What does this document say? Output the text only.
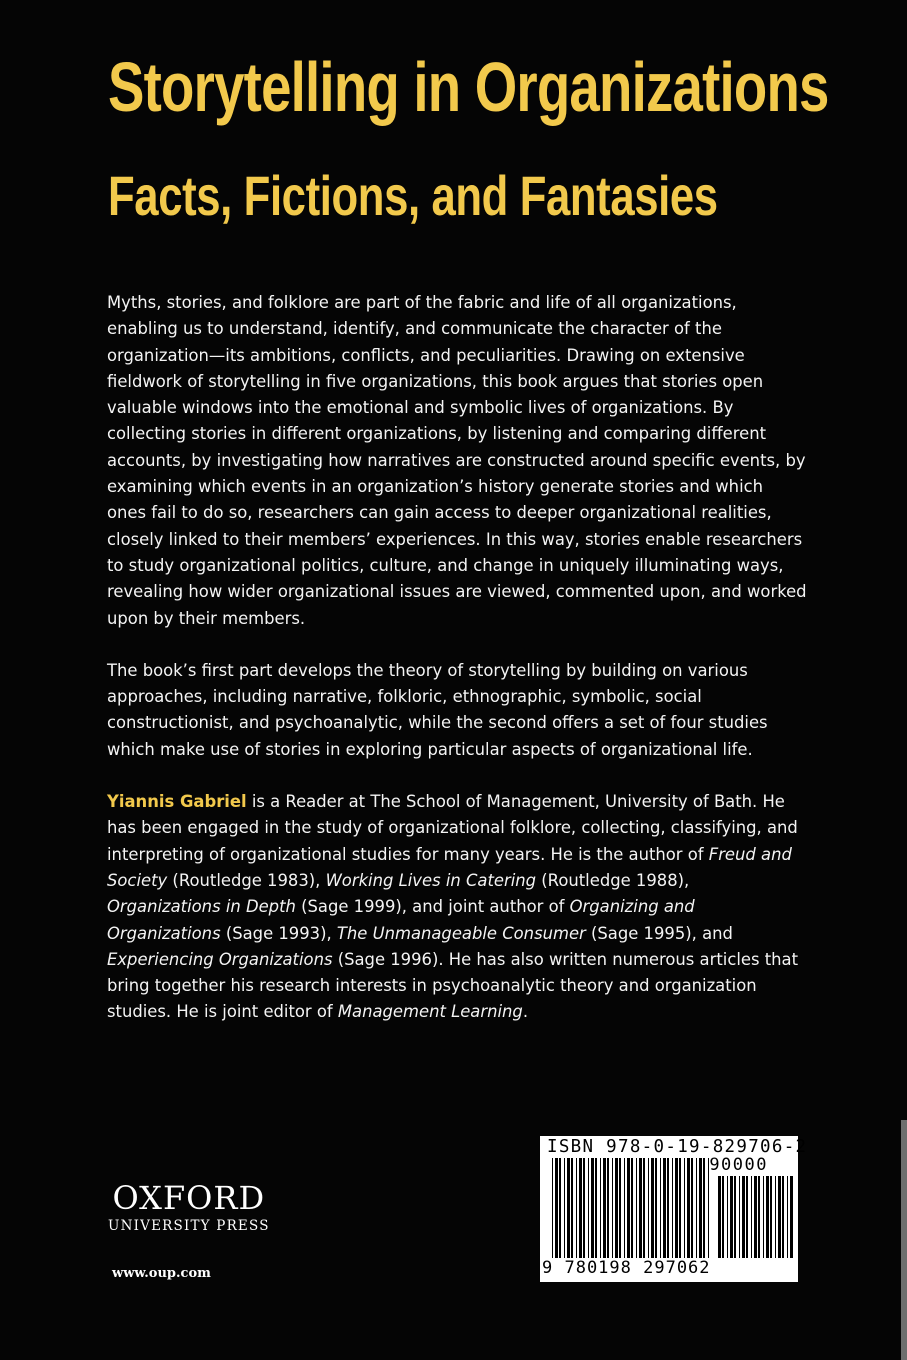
Storytelling in Organizations
Facts, Fictions, and Fantasies

Myths, stories, and folklore are part of the fabric and life of all organizations, enabling us to understand, identify, and communicate the character of the organization—its ambitions, conflicts, and peculiarities. Drawing on extensive fieldwork of storytelling in five organizations, this book argues that stories open valuable windows into the emotional and symbolic lives of organizations. By collecting stories in different organizations, by listening and comparing different accounts, by investigating how narratives are constructed around specific events, by examining which events in an organization’s history generate stories and which ones fail to do so, researchers can gain access to deeper organizational realities, closely linked to their members’ experiences. In this way, stories enable researchers to study organizational politics, culture, and change in uniquely illuminating ways, revealing how wider organizational issues are viewed, commented upon, and worked upon by their members.

The book’s first part develops the theory of storytelling by building on various approaches, including narrative, folkloric, ethnographic, symbolic, social constructionist, and psychoanalytic, while the second offers a set of four studies which make use of stories in exploring particular aspects of organizational life.

Yiannis Gabriel is a Reader at The School of Management, University of Bath. He has been engaged in the study of organizational folklore, collecting, classifying, and interpreting of organizational studies for many years. He is the author of Freud and Society (Routledge 1983), Working Lives in Catering (Routledge 1988), Organizations in Depth (Sage 1999), and joint author of Organizing and Organizations (Sage 1993), The Unmanageable Consumer (Sage 1995), and Experiencing Organizations (Sage 1996). He has also written numerous articles that bring together his research interests in psychoanalytic theory and organization studies. He is joint editor of Management Learning.

OXFORD
UNIVERSITY PRESS
www.oup.com
ISBN 978-0-19-829706-2
90000
9 780198 297062
